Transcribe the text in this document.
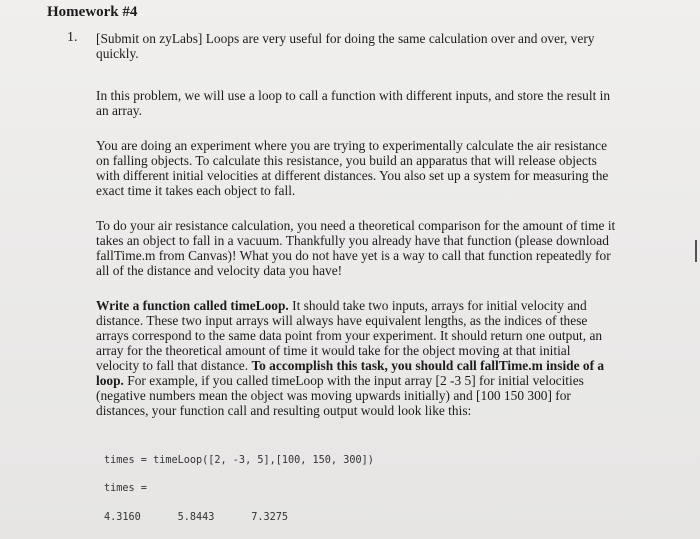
Homework #4
1. [Submit on zyLabs] Loops are very useful for doing the same calculation over and over, very quickly.
In this problem, we will use a loop to call a function with different inputs, and store the result in an array.
You are doing an experiment where you are trying to experimentally calculate the air resistance on falling objects. To calculate this resistance, you build an apparatus that will release objects with different initial velocities at different distances. You also set up a system for measuring the exact time it takes each object to fall.
To do your air resistance calculation, you need a theoretical comparison for the amount of time it takes an object to fall in a vacuum. Thankfully you already have that function (please download fallTime.m from Canvas)! What you do not have yet is a way to call that function repeatedly for all of the distance and velocity data you have!
Write a function called timeLoop. It should take two inputs, arrays for initial velocity and distance. These two input arrays will always have equivalent lengths, as the indices of these arrays correspond to the same data point from your experiment. It should return one output, an array for the theoretical amount of time it would take for the object moving at that initial velocity to fall that distance. To accomplish this task, you should call fallTime.m inside of a loop. For example, if you called timeLoop with the input array [2 -3 5] for initial velocities (negative numbers mean the object was moving upwards initially) and [100 150 300] for distances, your function call and resulting output would look like this:
times = timeLoop([2, -3, 5],[100, 150, 300])
times =
4.3160      5.8443      7.3275
